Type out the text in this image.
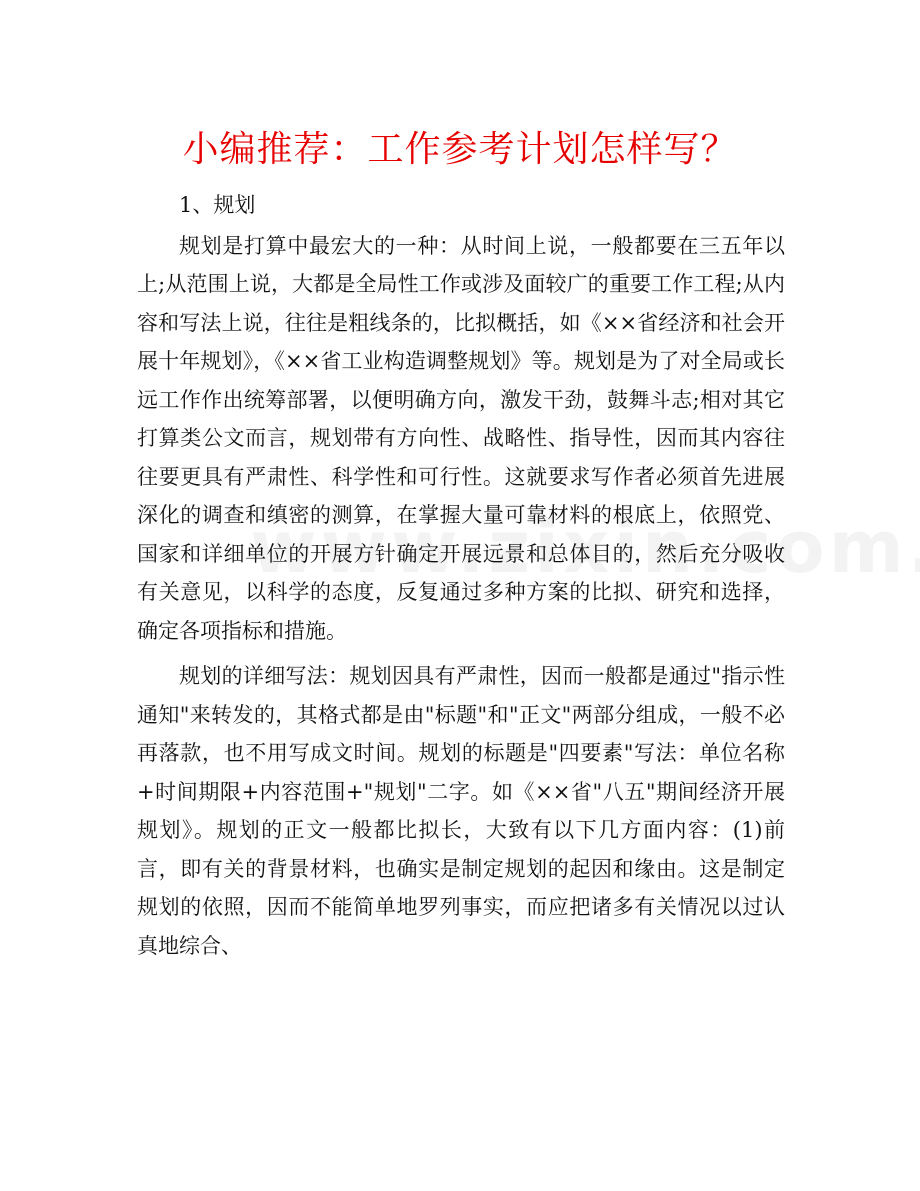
小编推荐：工作参考计划怎样写？

1、规划

规划是打算中最宏大的一种：从时间上说，一般都要在三五年以上;从范围上说，大都是全局性工作或涉及面较广的重要工作工程;从内容和写法上说，往往是粗线条的，比拟概括，如《××省经济和社会开展十年规划》，《××省工业构造调整规划》等。规划是为了对全局或长远工作作出统筹部署，以便明确方向，激发干劲，鼓舞斗志;相对其它打算类公文而言，规划带有方向性、战略性、指导性，因而其内容往往要更具有严肃性、科学性和可行性。这就要求写作者必须首先进展深化的调查和缜密的测算，在掌握大量可靠材料的根底上，依照党、国家和详细单位的开展方针确定开展远景和总体目的，然后充分吸收有关意见，以科学的态度，反复通过多种方案的比拟、研究和选择，确定各项指标和措施。

规划的详细写法：规划因具有严肃性，因而一般都是通过"指示性通知"来转发的，其格式都是由"标题"和"正文"两部分组成，一般不必再落款，也不用写成文时间。规划的标题是"四要素"写法：单位名称+时间期限+内容范围+"规划"二字。如《××省"八五"期间经济开展规划》。规划的正文一般都比拟长，大致有以下几方面内容：(1)前言，即有关的背景材料，也确实是制定规划的起因和缘由。这是制定规划的依照，因而不能简单地罗列事实，而应把诸多有关情况以过认真地综合、
